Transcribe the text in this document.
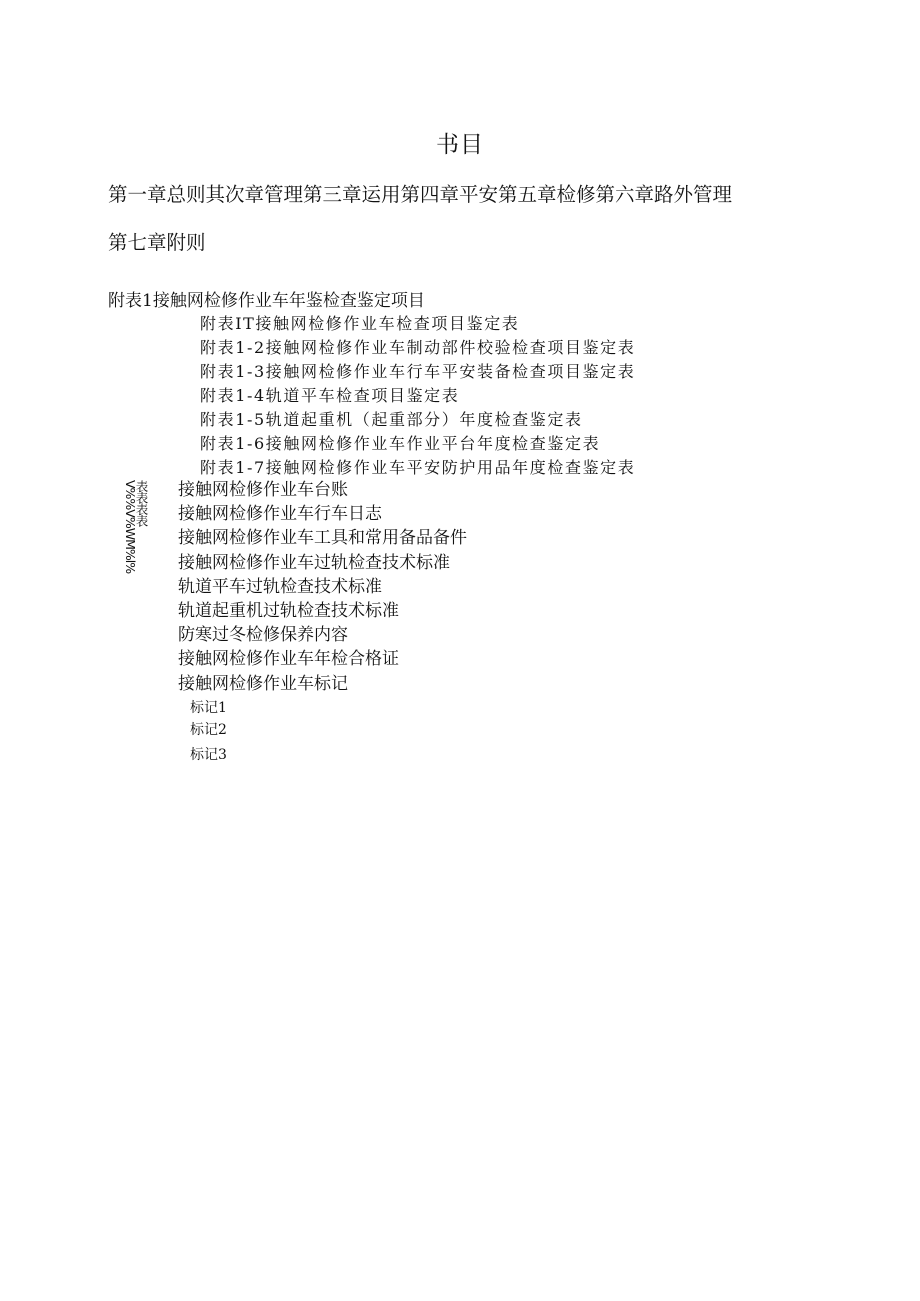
书目
第一章总则其次章管理第三章运用第四章平安第五章检修第六章路外管理
第七章附则
附表1接触网检修作业车年鉴检查鉴定项目
附表IT接触网检修作业车检查项目鉴定表
附表1-2接触网检修作业车制动部件校验检查项目鉴定表
附表1-3接触网检修作业车行车平安装备检查项目鉴定表
附表1-4轨道平车检查项目鉴定表
附表1-5轨道起重机（起重部分）年度检查鉴定表
附表1-6接触网检修作业车作业平台年度检查鉴定表
附表1-7接触网检修作业车平安防护用品年度检查鉴定表
表表表表
V%%V%WM%l% 接触网检修作业车台账
接触网检修作业车行车日志
接触网检修作业车工具和常用备品备件
接触网检修作业车过轨检查技术标准
轨道平车过轨检查技术标准
轨道起重机过轨检查技术标准
防寒过冬检修保养内容
接触网检修作业车年检合格证
接触网检修作业车标记
标记1
标记2
标记3
